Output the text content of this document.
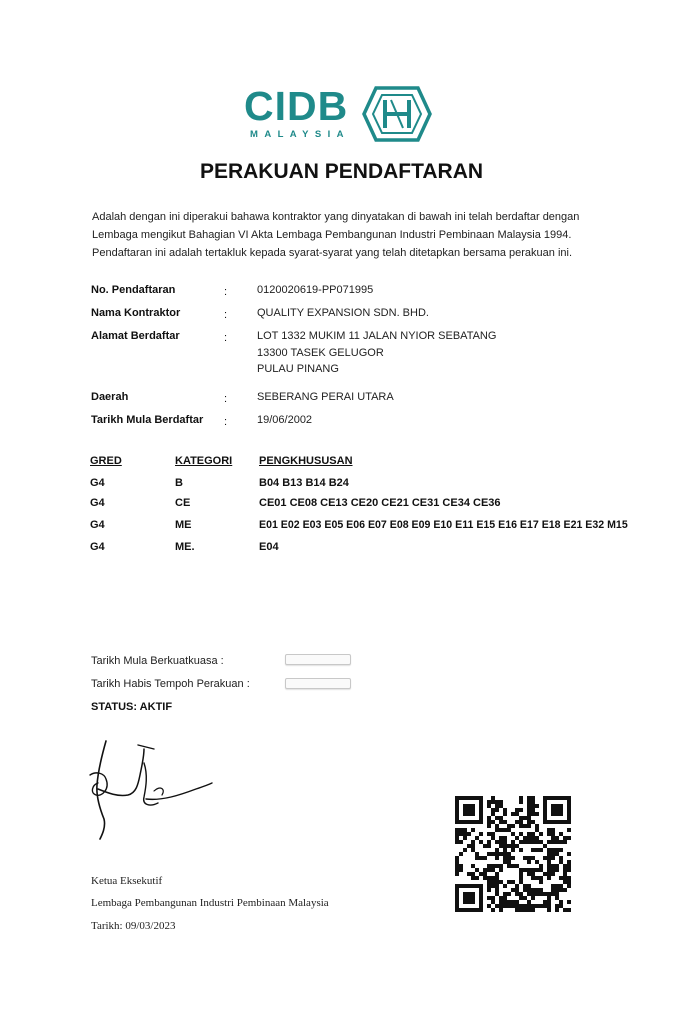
CIDB
MALAYSIA
PERAKUAN PENDAFTARAN
Adalah dengan ini diperakui bahawa kontraktor yang dinyatakan di bawah ini telah berdaftar dengan Lembaga mengikut Bahagian VI Akta Lembaga Pembangunan Industri Pembinaan Malaysia 1994. Pendaftaran ini adalah tertakluk kepada syarat-syarat yang telah ditetapkan bersama perakuan ini.
No. Pendaftaran	:	0120020619-PP071995
Nama Kontraktor	:	QUALITY EXPANSION SDN. BHD.
Alamat Berdaftar	:	LOT 1332 MUKIM 11 JALAN NYIOR SEBATANG
13300 TASEK GELUGOR
PULAU PINANG
Daerah	:	SEBERANG PERAI UTARA
Tarikh Mula Berdaftar :	19/06/2002
GRED	KATEGORI PENGKHUSUSAN
G4	B	B04 B13 B14 B24
G4	CE	CE01 CE08 CE13 CE20 CE21 CE31 CE34 CE36
G4	ME	E01 E02 E03 E05 E06 E07 E08 E09 E10 E11 E15 E16 E17 E18 E21 E32 M15
G4	ME.	E04
Tarikh Mula Berkuatkuasa :
Tarikh Habis Tempoh Perakuan :
STATUS: AKTIF
Ketua Eksekutif
Lembaga Pembangunan Industri Pembinaan Malaysia
Tarikh: 09/03/2023
